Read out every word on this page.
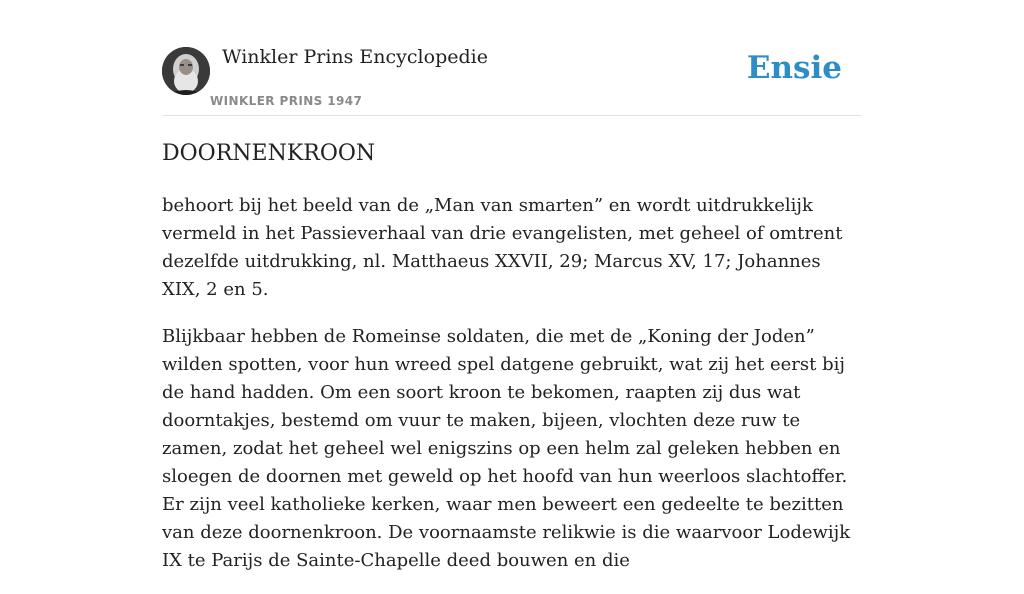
Winkler Prins Encyclopedie
WINKLER PRINS 1947
Ensie
DOORNENKROON

behoort bij het beeld van de „Man van smarten” en wordt uitdrukkelijk vermeld in het Passieverhaal van drie evangelisten, met geheel of omtrent dezelfde uitdrukking, nl. Matthaeus XXVII, 29; Marcus XV, 17; Johannes XIX, 2 en 5.

Blijkbaar hebben de Romeinse soldaten, die met de „Koning der Joden” wilden spotten, voor hun wreed spel datgene gebruikt, wat zij het eerst bij de hand hadden. Om een soort kroon te bekomen, raapten zij dus wat doorntakjes, bestemd om vuur te maken, bijeen, vlochten deze ruw te zamen, zodat het geheel wel enigszins op een helm zal geleken hebben en sloegen de doornen met geweld op het hoofd van hun weerloos slachtoffer. Er zijn veel katholieke kerken, waar men beweert een gedeelte te bezitten van deze doornenkroon. De voornaamste relikwie is die waarvoor Lodewijk IX te Parijs de Sainte-Chapelle deed bouwen en die
